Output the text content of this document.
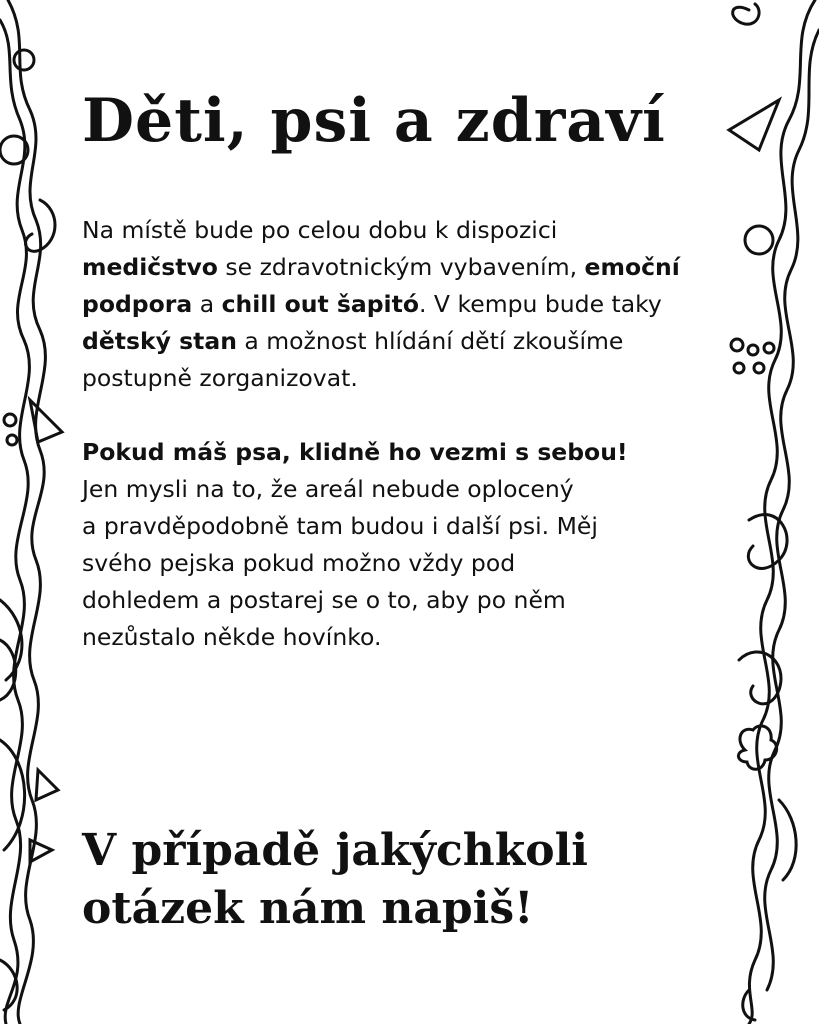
Děti, psi a zdraví

Na místě bude po celou dobu k dispozici medičstvo se zdravotnickým vybavením, emoční podpora a chill out šapitó. V kempu bude taky dětský stan a možnost hlídání dětí zkoušíme postupně zorganizovat.

Pokud máš psa, klidně ho vezmi s sebou!
Jen mysli na to, že areál nebude oplocený
a pravděpodobně tam budou i další psi. Měj
svého pejska pokud možno vždy pod
dohledem a postarej se o to, aby po něm
nezůstalo někde hovínko.

V případě jakýchkoli
otázek nám napiš!
